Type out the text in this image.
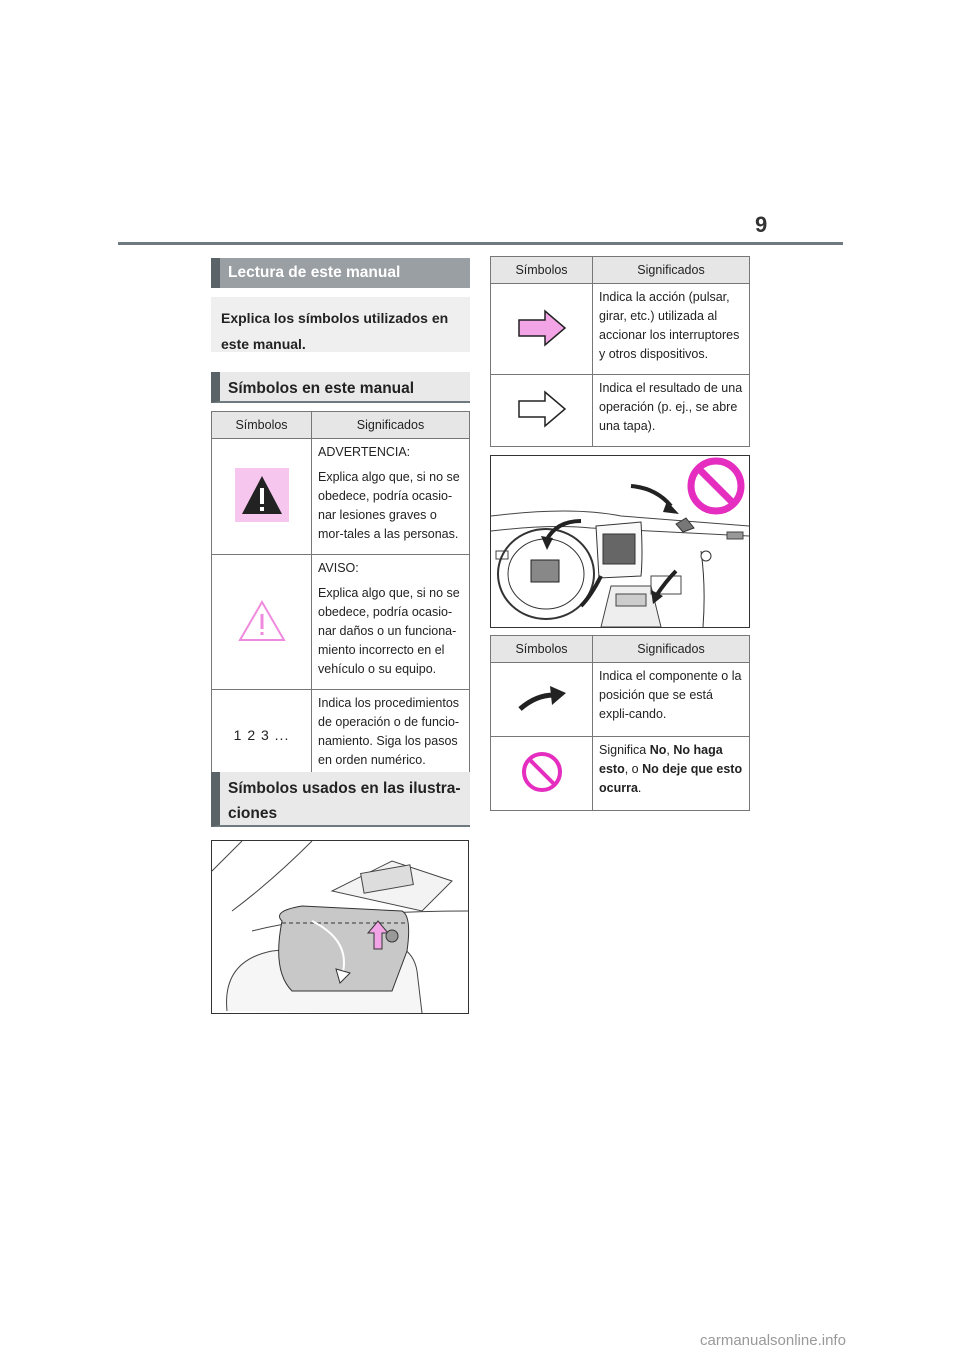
9
Lectura de este manual
Explica los símbolos utilizados en este manual.
Símbolos en este manual
Símbolos	Significados

ADVERTENCIA:

Explica algo que, si no se obedece, podría ocasio-nar lesiones graves o mor-tales a las personas.

AVISO:

Explica algo que, si no se obedece, podría ocasio-nar daños o un funciona-miento incorrecto en el vehículo o su equipo.

1 2 3 ...	Indica los procedimientos de operación o de funcio-namiento. Siga los pasos en orden numérico.

Símbolos usados en las ilustra-ciones
Símbolos	Significados

Indica la acción (pulsar, girar, etc.) utilizada al accionar los interruptores y otros dispositivos.

Indica el resultado de una operación (p. ej., se abre una tapa).

Símbolos	Significados

Indica el componente o la posición que se está expli-cando.

Significa No, No haga esto, o No deje que esto ocurra.

carmanualsonline.info
